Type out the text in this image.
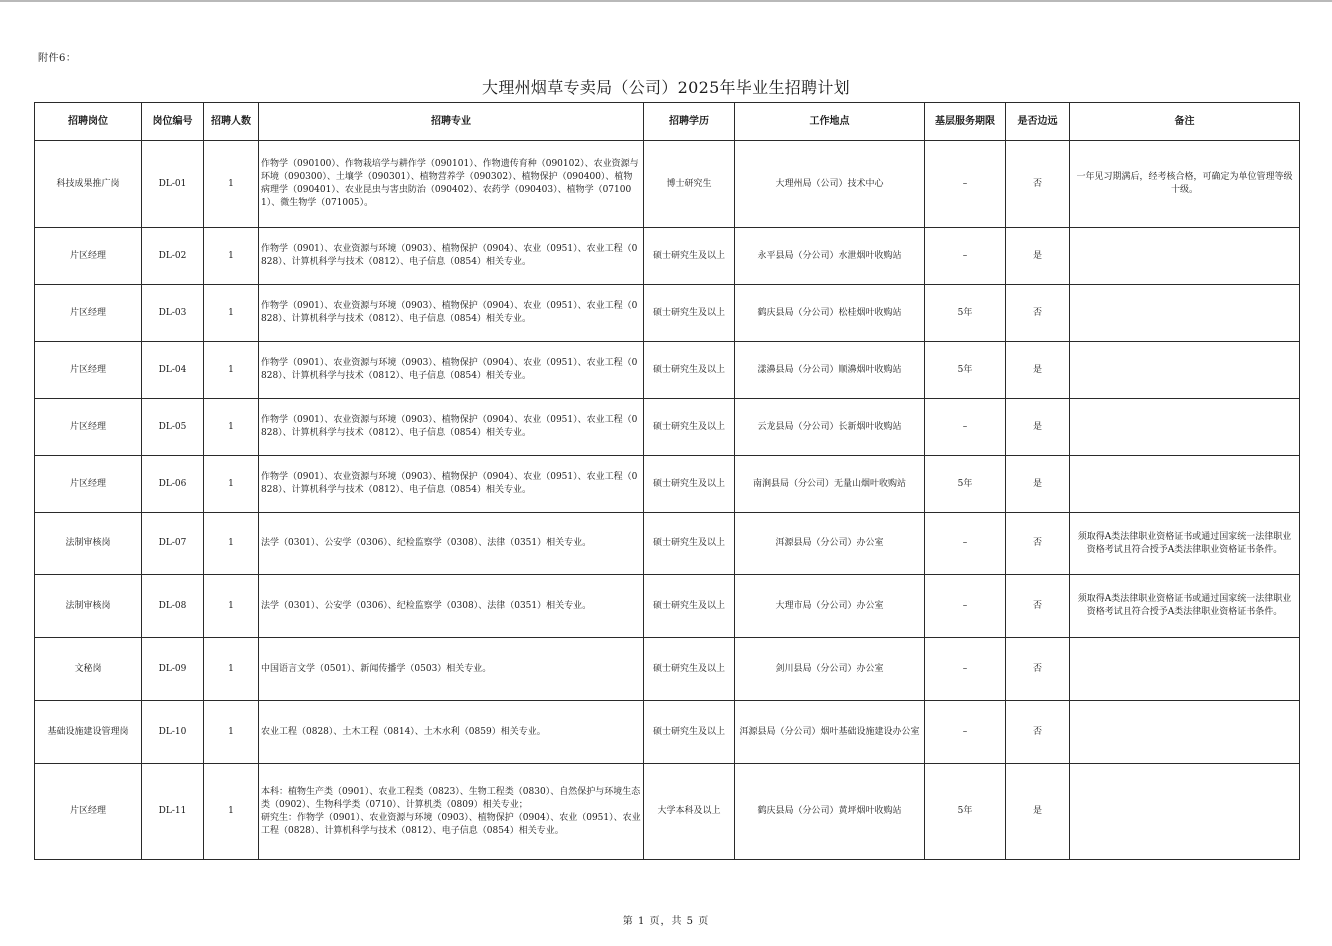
附件6：
大理州烟草专卖局（公司）2025年毕业生招聘计划
招聘岗位	岗位编号	招聘人数	招聘专业	招聘学历	工作地点	基层服务期限	是否边远	备注
科技成果推广岗	DL-01	1	作物学（090100）、作物栽培学与耕作学（090101）、作物遗传育种（090102）、农业资源与环境（090300）、土壤学（090301）、植物营养学（090302）、植物保护（090400）、植物病理学（090401）、农业昆虫与害虫防治（090402）、农药学（090403）、植物学（071001）、微生物学（071005）。	博士研究生	大理州局（公司）技术中心	–	否	一年见习期满后，经考核合格，可确定为单位管理等级十级。
片区经理	DL-02	1	作物学（0901）、农业资源与环境（0903）、植物保护（0904）、农业（0951）、农业工程（0828）、计算机科学与技术（0812）、电子信息（0854）相关专业。	硕士研究生及以上	永平县局（分公司）水泄烟叶收购站	–	是	
片区经理	DL-03	1	作物学（0901）、农业资源与环境（0903）、植物保护（0904）、农业（0951）、农业工程（0828）、计算机科学与技术（0812）、电子信息（0854）相关专业。	硕士研究生及以上	鹤庆县局（分公司）松桂烟叶收购站	5年	否	
片区经理	DL-04	1	作物学（0901）、农业资源与环境（0903）、植物保护（0904）、农业（0951）、农业工程（0828）、计算机科学与技术（0812）、电子信息（0854）相关专业。	硕士研究生及以上	漾濞县局（分公司）顺濞烟叶收购站	5年	是	
片区经理	DL-05	1	作物学（0901）、农业资源与环境（0903）、植物保护（0904）、农业（0951）、农业工程（0828）、计算机科学与技术（0812）、电子信息（0854）相关专业。	硕士研究生及以上	云龙县局（分公司）长新烟叶收购站	–	是	
片区经理	DL-06	1	作物学（0901）、农业资源与环境（0903）、植物保护（0904）、农业（0951）、农业工程（0828）、计算机科学与技术（0812）、电子信息（0854）相关专业。	硕士研究生及以上	南涧县局（分公司）无量山烟叶收购站	5年	是	
法制审核岗	DL-07	1	法学（0301）、公安学（0306）、纪检监察学（0308）、法律（0351）相关专业。	硕士研究生及以上	洱源县局（分公司）办公室	–	否	须取得A类法律职业资格证书或通过国家统一法律职业资格考试且符合授予A类法律职业资格证书条件。
法制审核岗	DL-08	1	法学（0301）、公安学（0306）、纪检监察学（0308）、法律（0351）相关专业。	硕士研究生及以上	大理市局（分公司）办公室	–	否	须取得A类法律职业资格证书或通过国家统一法律职业资格考试且符合授予A类法律职业资格证书条件。
文秘岗	DL-09	1	中国语言文学（0501）、新闻传播学（0503）相关专业。	硕士研究生及以上	剑川县局（分公司）办公室	–	否	
基础设施建设管理岗	DL-10	1	农业工程（0828）、土木工程（0814）、土木水利（0859）相关专业。	硕士研究生及以上	洱源县局（分公司）烟叶基础设施建设办公室	–	否	
片区经理	DL-11	1	本科：植物生产类（0901）、农业工程类（0823）、生物工程类（0830）、自然保护与环境生态类（0902）、生物科学类（0710）、计算机类（0809）相关专业；
研究生：作物学（0901）、农业资源与环境（0903）、植物保护（0904）、农业（0951）、农业工程（0828）、计算机科学与技术（0812）、电子信息（0854）相关专业。	大学本科及以上	鹤庆县局（分公司）黄坪烟叶收购站	5年	是	
第 1 页，共 5 页
